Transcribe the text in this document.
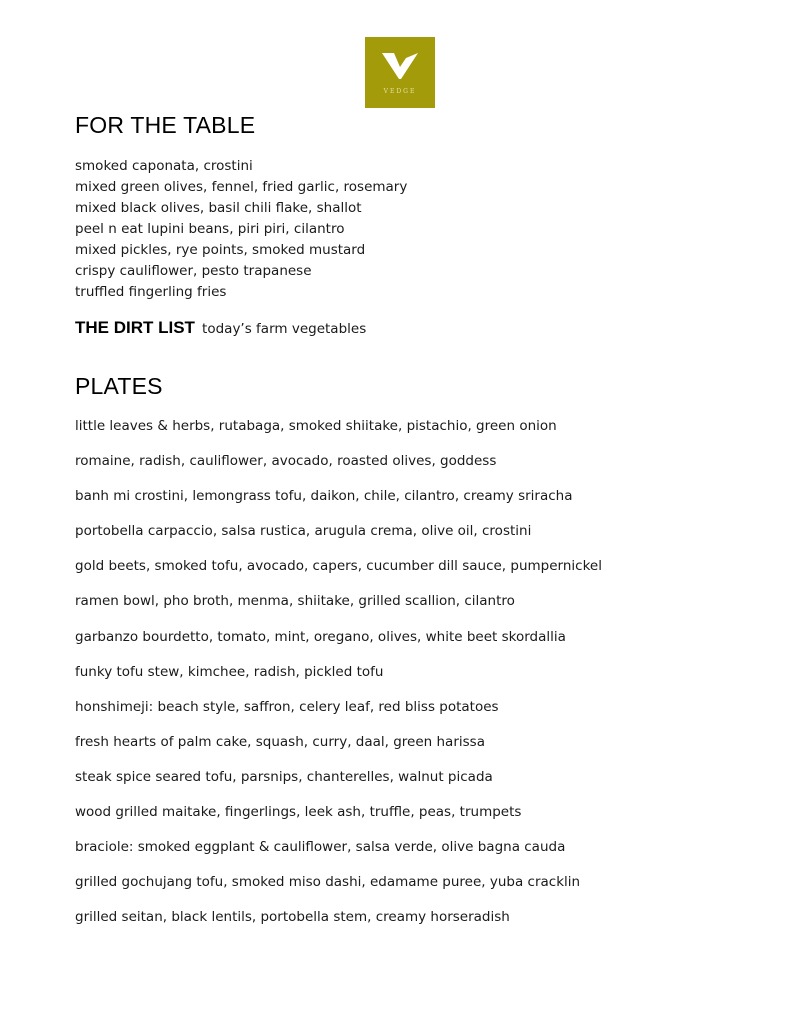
VEDGE
FOR THE TABLE
smoked caponata, crostini
mixed green olives, fennel, fried garlic, rosemary
mixed black olives, basil chili flake, shallot
peel n eat lupini beans, piri piri, cilantro
mixed pickles, rye points, smoked mustard
crispy cauliflower, pesto trapanese
truffled fingerling fries
THE DIRT LIST today’s farm vegetables
PLATES
little leaves & herbs, rutabaga, smoked shiitake, pistachio, green onion
romaine, radish, cauliflower, avocado, roasted olives, goddess
banh mi crostini, lemongrass tofu, daikon, chile, cilantro, creamy sriracha
portobella carpaccio, salsa rustica, arugula crema, olive oil, crostini
gold beets, smoked tofu, avocado, capers, cucumber dill sauce, pumpernickel
ramen bowl, pho broth, menma, shiitake, grilled scallion, cilantro
garbanzo bourdetto, tomato, mint, oregano, olives, white beet skordallia
funky tofu stew, kimchee, radish, pickled tofu
honshimeji: beach style, saffron, celery leaf, red bliss potatoes
fresh hearts of palm cake, squash, curry, daal, green harissa
steak spice seared tofu, parsnips, chanterelles, walnut picada
wood grilled maitake, fingerlings, leek ash, truffle, peas, trumpets
braciole: smoked eggplant & cauliflower, salsa verde, olive bagna cauda
grilled gochujang tofu, smoked miso dashi, edamame puree, yuba cracklin
grilled seitan, black lentils, portobella stem, creamy horseradish
